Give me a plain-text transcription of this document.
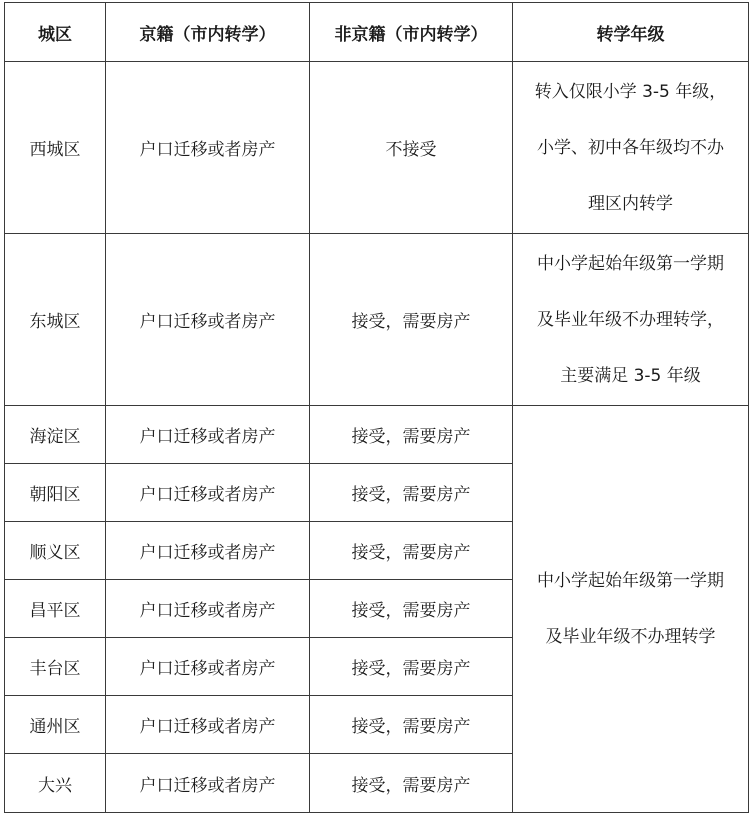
城区	京籍（市内转学）	非京籍（市内转学）	转学年级
西城区	户口迁移或者房产	不接受	转入仅限小学 3-5 年级，
小学、初中各年级均不办
理区内转学

东城区	户口迁移或者房产	接受，需要房产	中小学起始年级第一学期
及毕业年级不办理转学，
主要满足 3-5 年级

海淀区	户口迁移或者房产	接受，需要房产	中小学起始年级第一学期
及毕业年级不办理转学

朝阳区	户口迁移或者房产	接受，需要房产	
顺义区	户口迁移或者房产	接受，需要房产	
昌平区	户口迁移或者房产	接受，需要房产	
丰台区	户口迁移或者房产	接受，需要房产	
通州区	户口迁移或者房产	接受，需要房产	
大兴	户口迁移或者房产	接受，需要房产	
